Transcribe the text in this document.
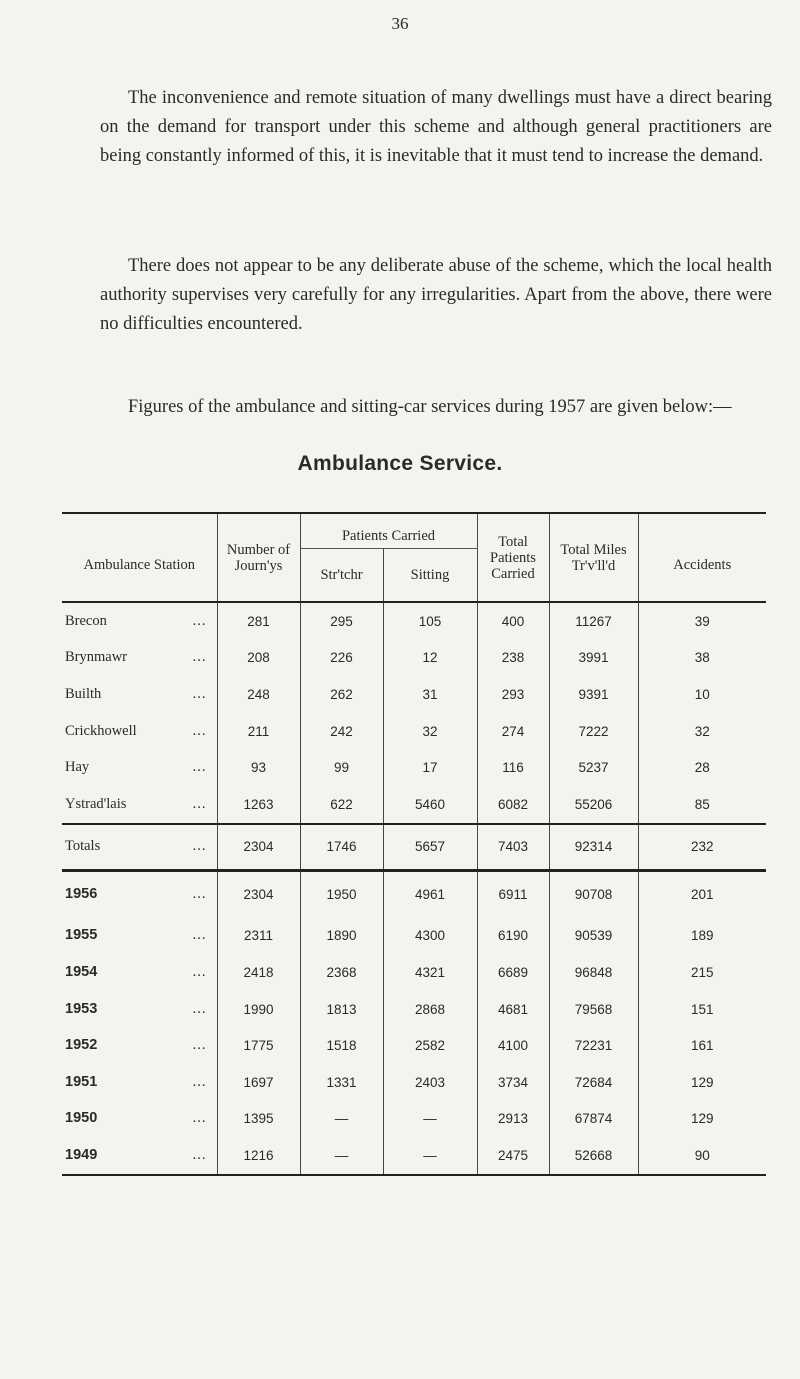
36

The inconvenience and remote situation of many dwellings must have a direct bearing on the demand for transport under this scheme and although general practitioners are being constantly informed of this, it is inevitable that it must tend to increase the demand.

There does not appear to be any deliberate abuse of the scheme, which the local health authority supervises very carefully for any irregularities. Apart from the above, there were no difficulties encountered.

Figures of the ambulance and sitting-car services during 1957 are given below:—

Ambulance Service.
Ambulance Station	Number of Journ'ys	Patients Carried		Total Patients Carried	Total Miles Tr'v'll'd	Accidents
		Str'tchr	Sitting			
Brecon ...	281	295	105	400	11267	39
Brynmawr ...	208	226	12	238	3991	38
Builth ...	248	262	31	293	9391	10
Crickhowell ...	211	242	32	274	7222	32
Hay ...	93	99	17	116	5237	28
Ystrad'lais ...	1263	622	5460	6082	55206	85
Totals ...	2304	1746	5657	7403	92314	232
1956 ...	2304	1950	4961	6911	90708	201
1955 ...	2311	1890	4300	6190	90539	189
1954 ...	2418	2368	4321	6689	96848	215
1953 ...	1990	1813	2868	4681	79568	151
1952 ...	1775	1518	2582	4100	72231	161
1951 ...	1697	1331	2403	3734	72684	129
1950 ...	1395	—	—	2913	67874	129
1949 ...	1216	—	—	2475	52668	90
